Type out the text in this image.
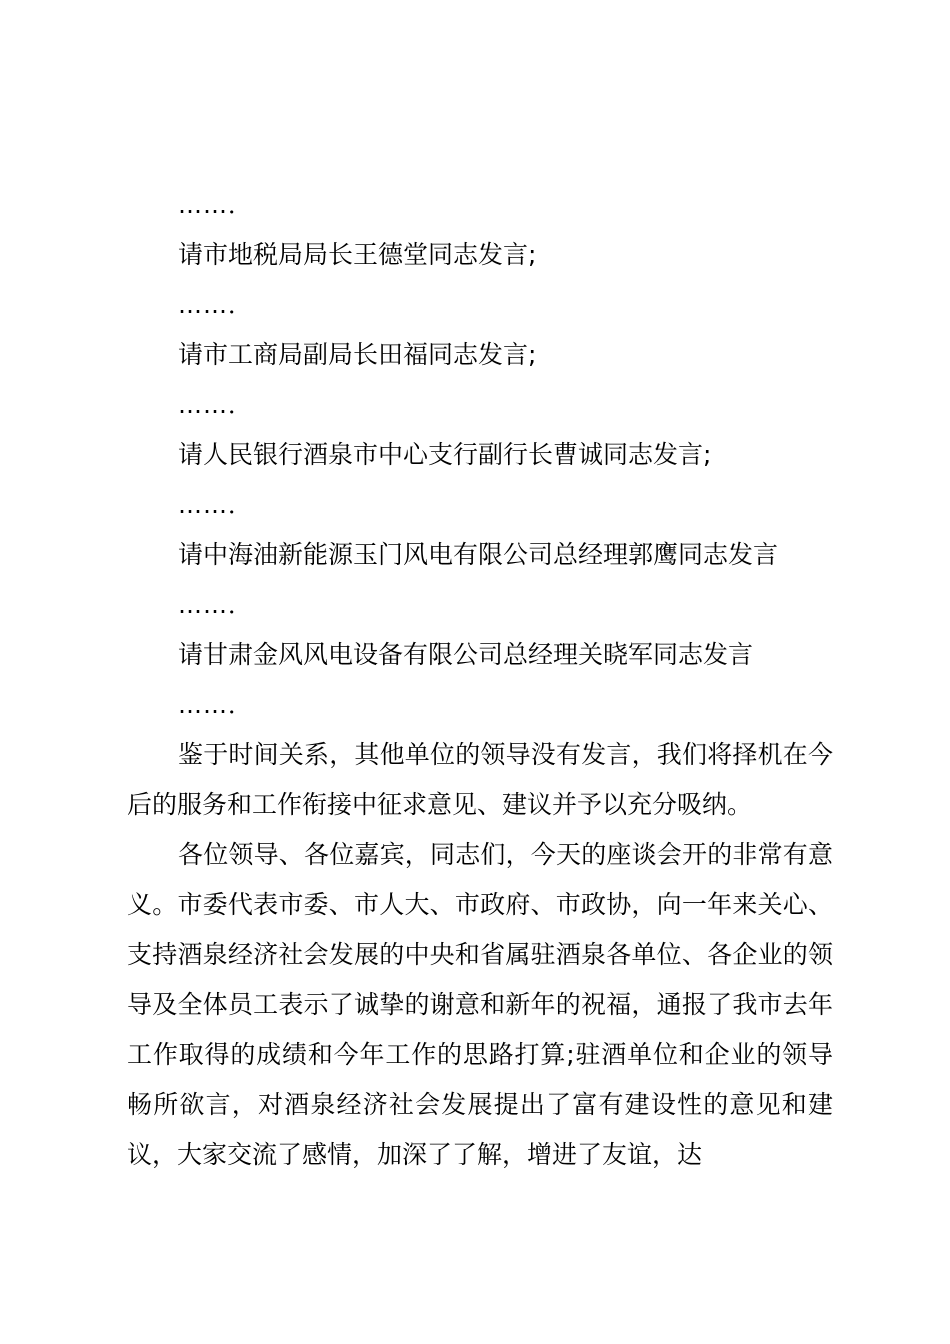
……．

请市地税局局长王德堂同志发言;

……．

请市工商局副局长田福同志发言;

……．

请人民银行酒泉市中心支行副行长曹诚同志发言;

……．

请中海油新能源玉门风电有限公司总经理郭鹰同志发言

……．

请甘肃金风风电设备有限公司总经理关晓军同志发言

……．

鉴于时间关系，其他单位的领导没有发言，我们将择机在今后的服务和工作衔接中征求意见、建议并予以充分吸纳。

各位领导、各位嘉宾，同志们，今天的座谈会开的非常有意义。市委代表市委、市人大、市政府、市政协，向一年来关心、支持酒泉经济社会发展的中央和省属驻酒泉各单位、各企业的领导及全体员工表示了诚挚的谢意和新年的祝福，通报了我市去年工作取得的成绩和今年工作的思路打算;驻酒单位和企业的领导畅所欲言，对酒泉经济社会发展提出了富有建设性的意见和建议，大家交流了感情，加深了了解，增进了友谊，达
